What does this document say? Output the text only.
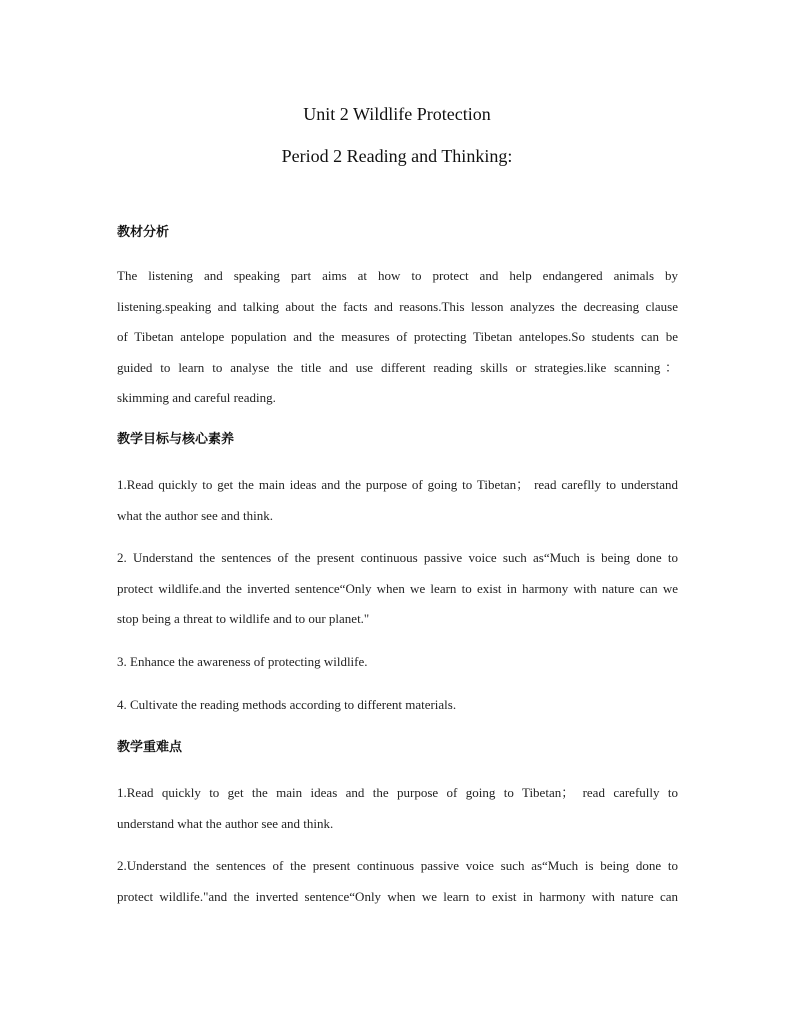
Unit 2 Wildlife Protection
Period 2 Reading and Thinking:
教材分析
The listening and speaking part aims at how to protect and help endangered animals by
listening.speaking and talking about the facts and reasons.This lesson analyzes the decreasing clause
of Tibetan antelope population and the measures of protecting Tibetan antelopes.So students can be
guided to learn to analyse the title and use different reading skills or strategies.like scanning：
skimming and careful reading.
教学目标与核心素养
1.Read quickly to get the main ideas and the purpose of going to Tibetan； read careflly to understand
what the author see and think.
2. Understand the sentences of the present continuous passive voice such as“Much is being done to
protect wildlife.and the inverted sentence“Only when we learn to exist in harmony with nature can we
stop being a threat to wildlife and to our planet."
3. Enhance the awareness of protecting wildlife.
4. Cultivate the reading methods according to different materials.
教学重难点
1.Read quickly to get the main ideas and the purpose of going to Tibetan； read carefully to
understand what the author see and think.
2.Understand the sentences of the present continuous passive voice such as“Much is being done to
protect wildlife."and the inverted sentence“Only when we learn to exist in harmony with nature can
